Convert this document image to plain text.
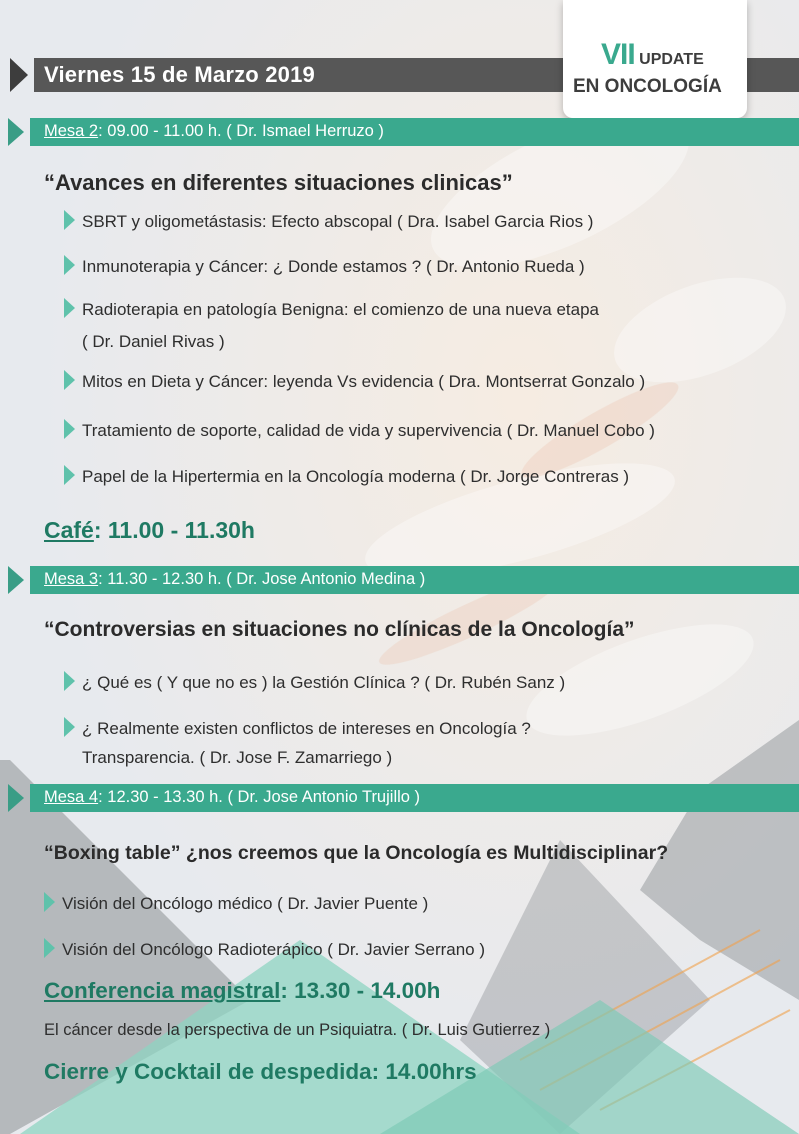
Viernes 15 de Marzo 2019
VII UPDATE
EN ONCOLOGÍA
Mesa 2: 09.00 - 11.00 h. ( Dr. Ismael Herruzo )
“Avances en diferentes situaciones clinicas”
SBRT y oligometástasis: Efecto abscopal ( Dra. Isabel Garcia Rios )
Inmunoterapia y Cáncer: ¿ Donde estamos ? ( Dr. Antonio Rueda )
Radioterapia en patología Benigna: el comienzo de una nueva etapa
( Dr. Daniel Rivas )
Mitos en Dieta y Cáncer: leyenda Vs evidencia ( Dra. Montserrat Gonzalo )
Tratamiento de soporte, calidad de vida y supervivencia ( Dr. Manuel Cobo )
Papel de la Hipertermia en la Oncología moderna ( Dr. Jorge Contreras )
Café: 11.00 - 11.30h
Mesa 3: 11.30 - 12.30 h. ( Dr. Jose Antonio Medina )
“Controversias en situaciones no clínicas de la Oncología”
¿ Qué es ( Y que no es ) la Gestión Clínica ? ( Dr. Rubén Sanz )
¿ Realmente existen conflictos de intereses en Oncología ?
Transparencia. ( Dr. Jose F. Zamarriego )
Mesa 4: 12.30 - 13.30 h. ( Dr. Jose Antonio Trujillo )
“Boxing table” ¿nos creemos que la Oncología es Multidisciplinar?
Visión del Oncólogo médico ( Dr. Javier Puente )
Visión del Oncólogo Radioterápico ( Dr. Javier Serrano )
Conferencia magistral: 13.30 - 14.00h
El cáncer desde la perspectiva de un Psiquiatra. ( Dr. Luis Gutierrez )
Cierre y Cocktail de despedida: 14.00hrs
